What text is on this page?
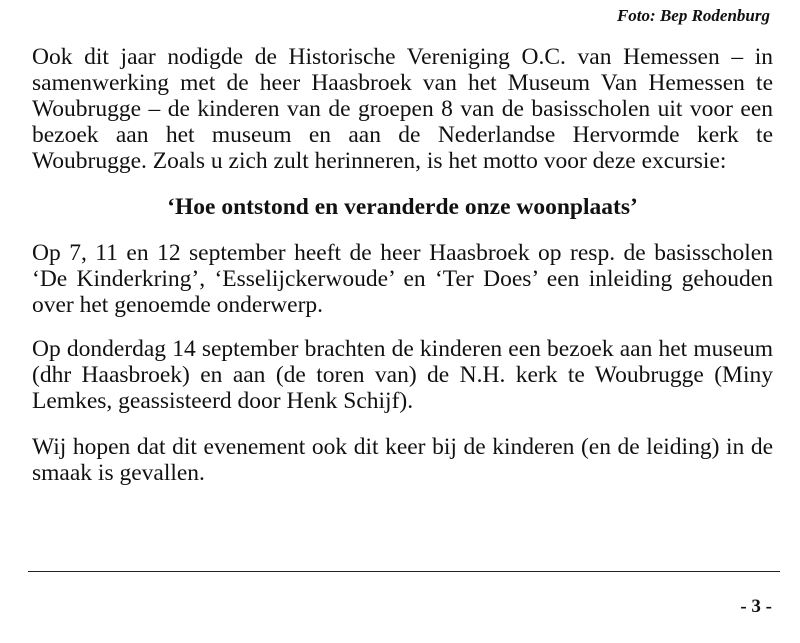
Foto: Bep Rodenburg

Ook dit jaar nodigde de Historische Vereniging O.C. van Hemessen – in samenwerking met de heer Haasbroek van het Museum Van Hemessen te Woubrugge – de kinderen van de groepen 8 van de basisscholen uit voor een bezoek aan het museum en aan de Nederlandse Hervormde kerk te Woubrugge. Zoals u zich zult herinneren, is het motto voor deze excursie:

‘Hoe ontstond en veranderde onze woonplaats’

Op 7, 11 en 12 september heeft de heer Haasbroek op resp. de basisscholen ‘De Kinderkring’, ‘Esselijckerwoude’ en ‘Ter Does’ een inleiding gehouden over het genoemde onderwerp.

Op donderdag 14 september brachten de kinderen een bezoek aan het museum (dhr Haasbroek) en aan (de toren van) de N.H. kerk te Woubrugge (Miny Lemkes, geassisteerd door Henk Schijf).

Wij hopen dat dit evenement ook dit keer bij de kinderen (en de leiding) in de smaak is gevallen.

- 3 -
